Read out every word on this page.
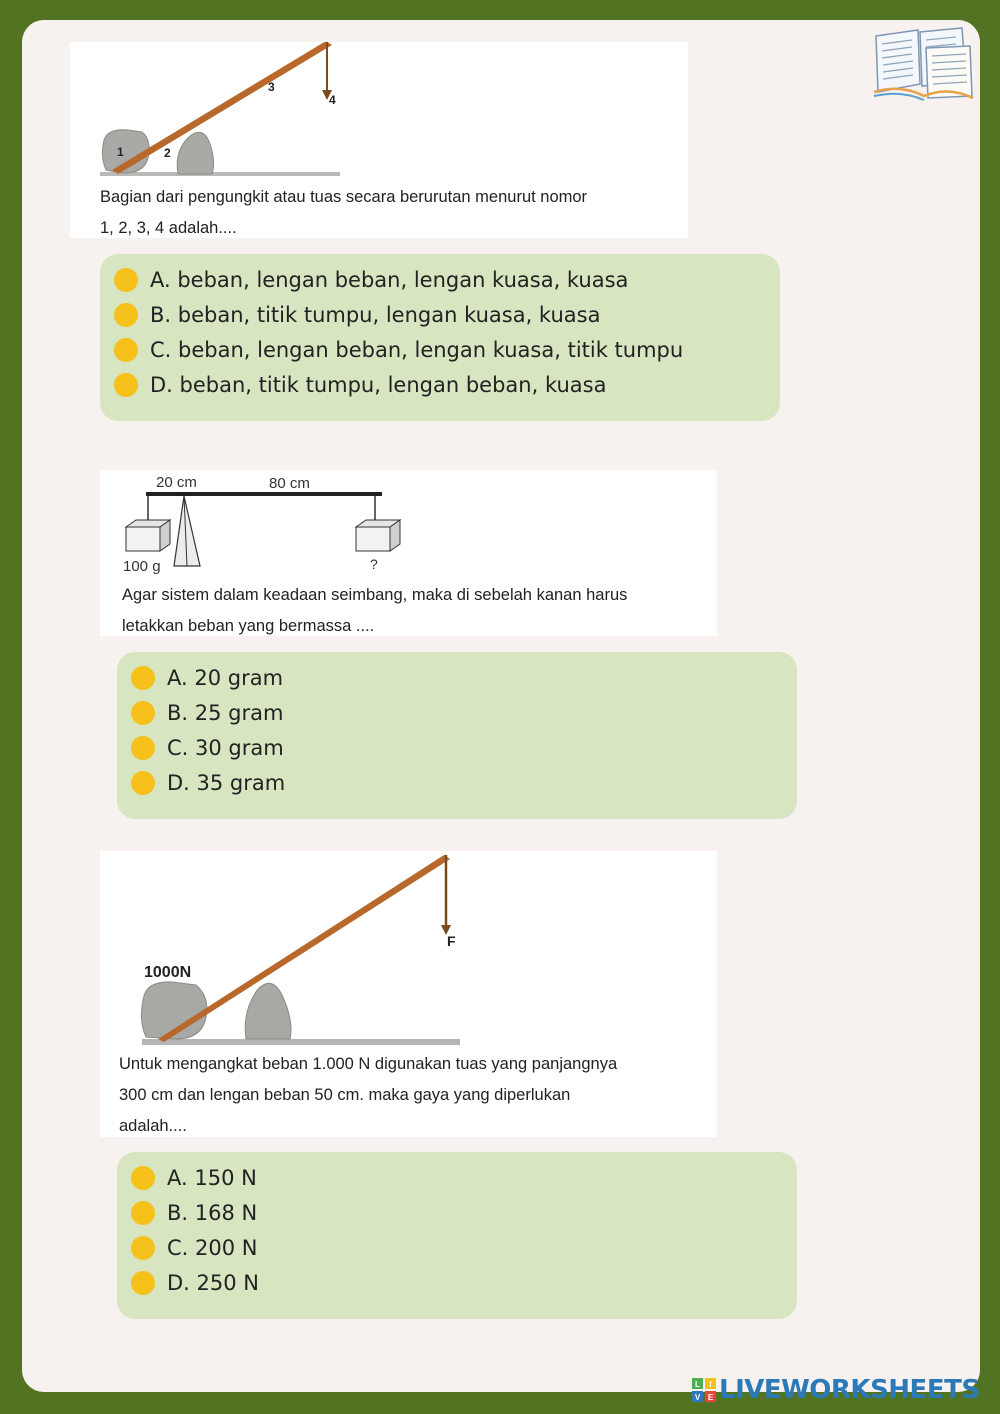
1	2
3
4

Bagian dari pengungkit atau tuas secara berurutan menurut nomor
1, 2, 3, 4 adalah....

A. beban, lengan beban, lengan kuasa, kuasa
B. beban, titik tumpu, lengan kuasa, kuasa
C. beban, lengan beban, lengan kuasa, titik tumpu
D. beban, titik tumpu, lengan beban, kuasa
20 cm	80 cm
100 g	?

Agar sistem dalam keadaan seimbang, maka di sebelah kanan harus
letakkan beban yang bermassa ....

A. 20 gram
B. 25 gram
C. 30 gram
D. 35 gram
1000N
F

Untuk mengangkat beban 1.000 N digunakan tuas yang panjangnya
300 cm dan lengan beban 50 cm. maka gaya yang diperlukan
adalah....

A. 150 N
B. 168 N
C. 200 N
D. 250 N
L I
V E LIVEWORKSHEETS
